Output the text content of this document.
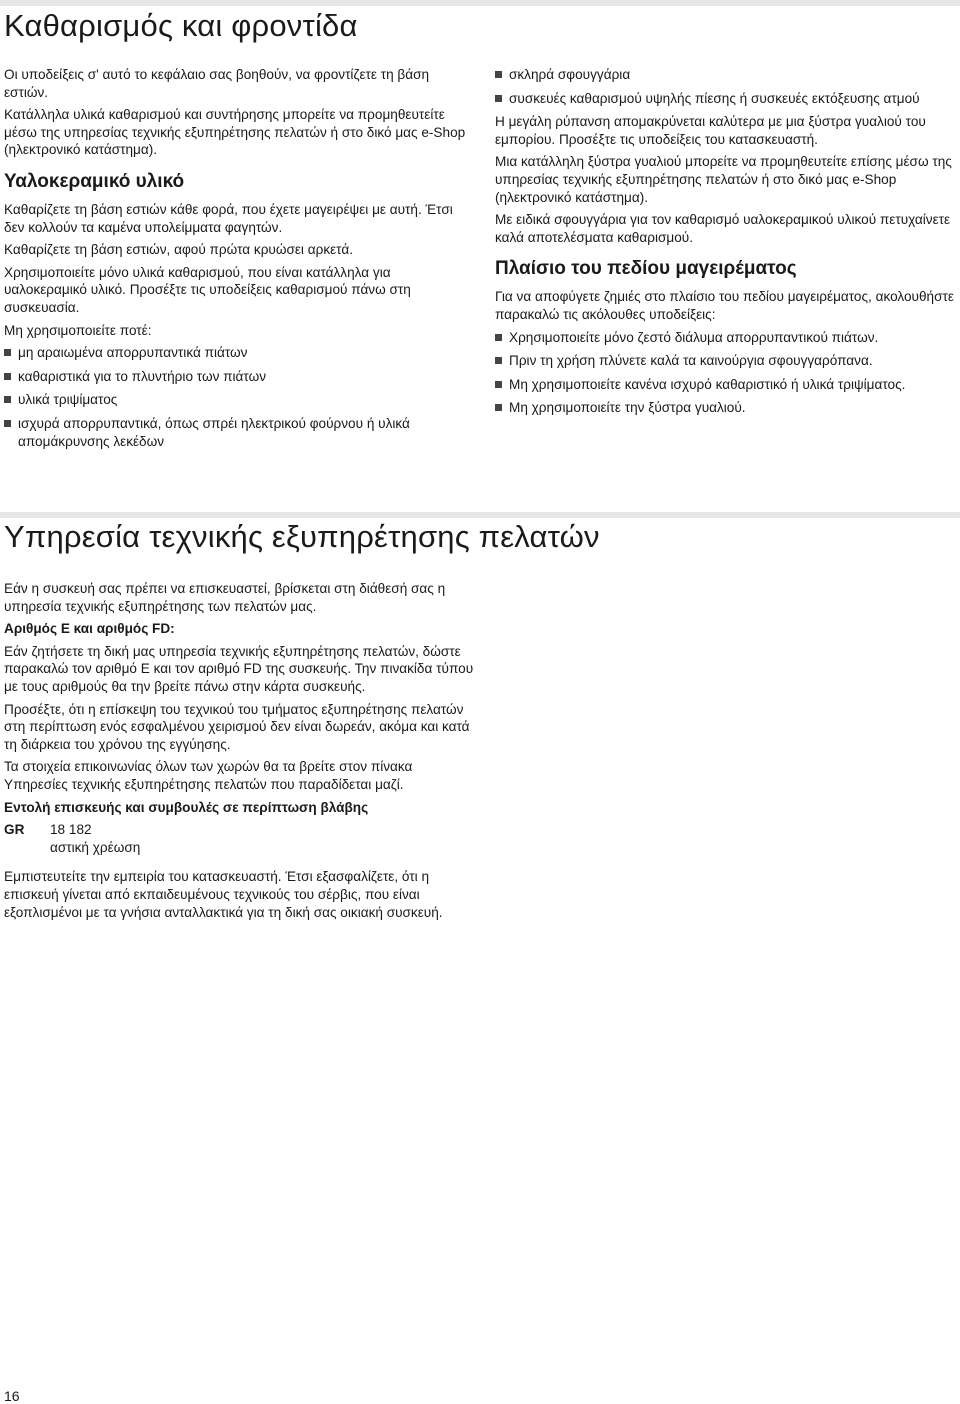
Καθαρισμός και φροντίδα

Οι υποδείξεις σ' αυτό το κεφάλαιο σας βοηθούν, να φροντίζετε τη βάση εστιών.

Κατάλληλα υλικά καθαρισμού και συντήρησης μπορείτε να προμηθευτείτε μέσω της υπηρεσίας τεχνικής εξυπηρέτησης πελατών ή στο δικό μας e-Shop (ηλεκτρονικό κατάστημα).

Υαλοκεραμικό υλικό

Καθαρίζετε τη βάση εστιών κάθε φορά, που έχετε μαγειρέψει με αυτή. Έτσι δεν κολλούν τα καμένα υπολείμματα φαγητών.

Καθαρίζετε τη βάση εστιών, αφού πρώτα κρυώσει αρκετά.

Χρησιμοποιείτε μόνο υλικά καθαρισμού, που είναι κατάλληλα για υαλοκεραμικό υλικό. Προσέξτε τις υποδείξεις καθαρισμού πάνω στη συσκευασία.

Μη χρησιμοποιείτε ποτέ:

μη αραιωμένα απορρυπαντικά πιάτων
καθαριστικά για το πλυντήριο των πιάτων
υλικά τριψίματος
ισχυρά απορρυπαντικά, όπως σπρέι ηλεκτρικού φούρνου ή υλικά απομάκρυνσης λεκέδων
σκληρά σφουγγάρια
συσκευές καθαρισμού υψηλής πίεσης ή συσκευές εκτόξευσης ατμού

Η μεγάλη ρύπανση απομακρύνεται καλύτερα με μια ξύστρα γυαλιού του εμπορίου. Προσέξτε τις υποδείξεις του κατασκευαστή.

Μια κατάλληλη ξύστρα γυαλιού μπορείτε να προμηθευτείτε επίσης μέσω της υπηρεσίας τεχνικής εξυπηρέτησης πελατών ή στο δικό μας e-Shop (ηλεκτρονικό κατάστημα).

Με ειδικά σφουγγάρια για τον καθαρισμό υαλοκεραμικού υλικού πετυχαίνετε καλά αποτελέσματα καθαρισμού.

Πλαίσιο του πεδίου μαγειρέματος

Για να αποφύγετε ζημιές στο πλαίσιο του πεδίου μαγειρέματος, ακολουθήστε παρακαλώ τις ακόλουθες υποδείξεις:

Χρησιμοποιείτε μόνο ζεστό διάλυμα απορρυπαντικού πιάτων.
Πριν τη χρήση πλύνετε καλά τα καινούργια σφουγγαρόπανα.
Μη χρησιμοποιείτε κανένα ισχυρό καθαριστικό ή υλικά τριψίματος.
Μη χρησιμοποιείτε την ξύστρα γυαλιού.
Υπηρεσία τεχνικής εξυπηρέτησης πελατών

Εάν η συσκευή σας πρέπει να επισκευαστεί, βρίσκεται στη διάθεσή σας η υπηρεσία τεχνικής εξυπηρέτησης των πελατών μας.

Αριθμός Ε και αριθμός FD:

Εάν ζητήσετε τη δική μας υπηρεσία τεχνικής εξυπηρέτησης πελατών, δώστε παρακαλώ τον αριθμό Ε και τον αριθμό FD της συσκευής. Την πινακίδα τύπου με τους αριθμούς θα την βρείτε πάνω στην κάρτα συσκευής.

Προσέξτε, ότι η επίσκεψη του τεχνικού του τμήματος εξυπηρέτησης πελατών στη περίπτωση ενός εσφαλμένου χειρισμού δεν είναι δωρεάν, ακόμα και κατά τη διάρκεια του χρόνου της εγγύησης.

Τα στοιχεία επικοινωνίας όλων των χωρών θα τα βρείτε στον πίνακα Υπηρεσίες τεχνικής εξυπηρέτησης πελατών που παραδίδεται μαζί.

Εντολή επισκευής και συμβουλές σε περίπτωση βλάβης

GR	18 182
αστική χρέωση

Εμπιστευτείτε την εμπειρία του κατασκευαστή. Έτσι εξασφαλίζετε, ότι η επισκευή γίνεται από εκπαιδευμένους τεχνικούς του σέρβις, που είναι εξοπλισμένοι με τα γνήσια ανταλλακτικά για τη δική σας οικιακή συσκευή.

16
